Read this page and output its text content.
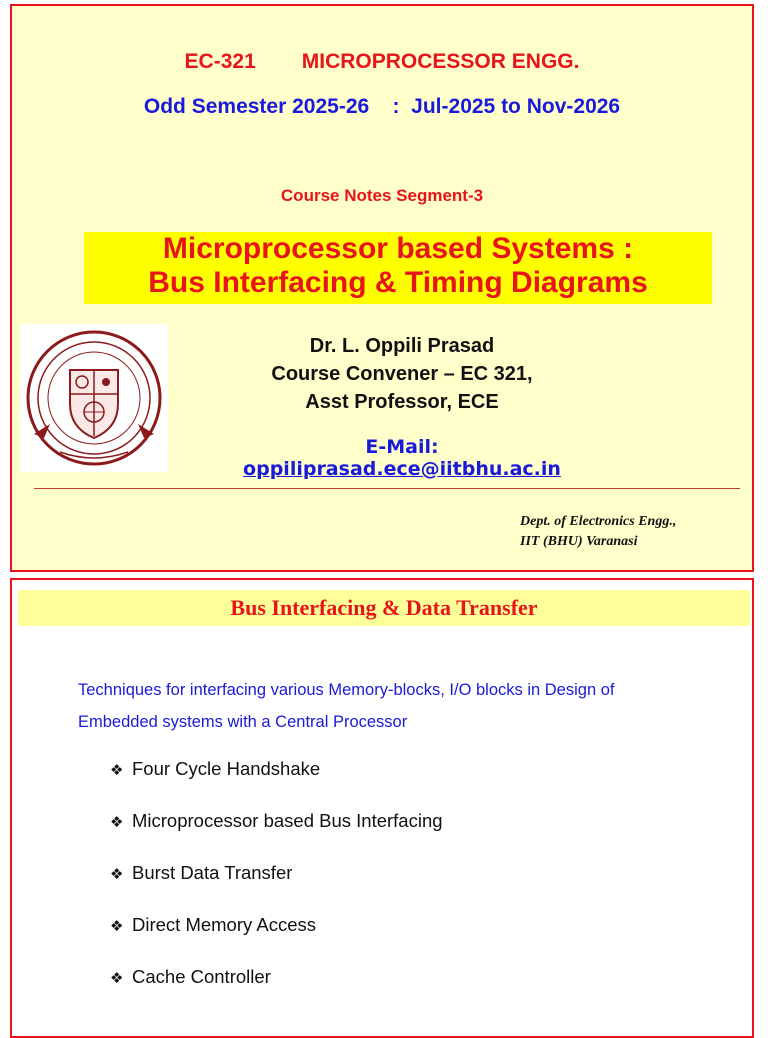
EC-321 MICROPROCESSOR ENGG.
Odd Semester 2025-26    :  Jul-2025 to Nov-2026
Course Notes Segment-3
Microprocessor based Systems :
Bus Interfacing & Timing Diagrams
Dr. L. Oppili Prasad
Course Convener – EC 321,
Asst Professor, ECE
E-Mail: oppiliprasad.ece@iitbhu.ac.in
Dept. of Electronics Engg.,
IIT (BHU) Varanasi
Bus Interfacing & Data Transfer
Techniques for interfacing various Memory-blocks, I/O blocks in Design of
Embedded systems with a Central Processor
❖ Four Cycle Handshake
❖ Microprocessor based Bus Interfacing
❖ Burst Data Transfer
❖ Direct Memory Access
❖ Cache Controller
